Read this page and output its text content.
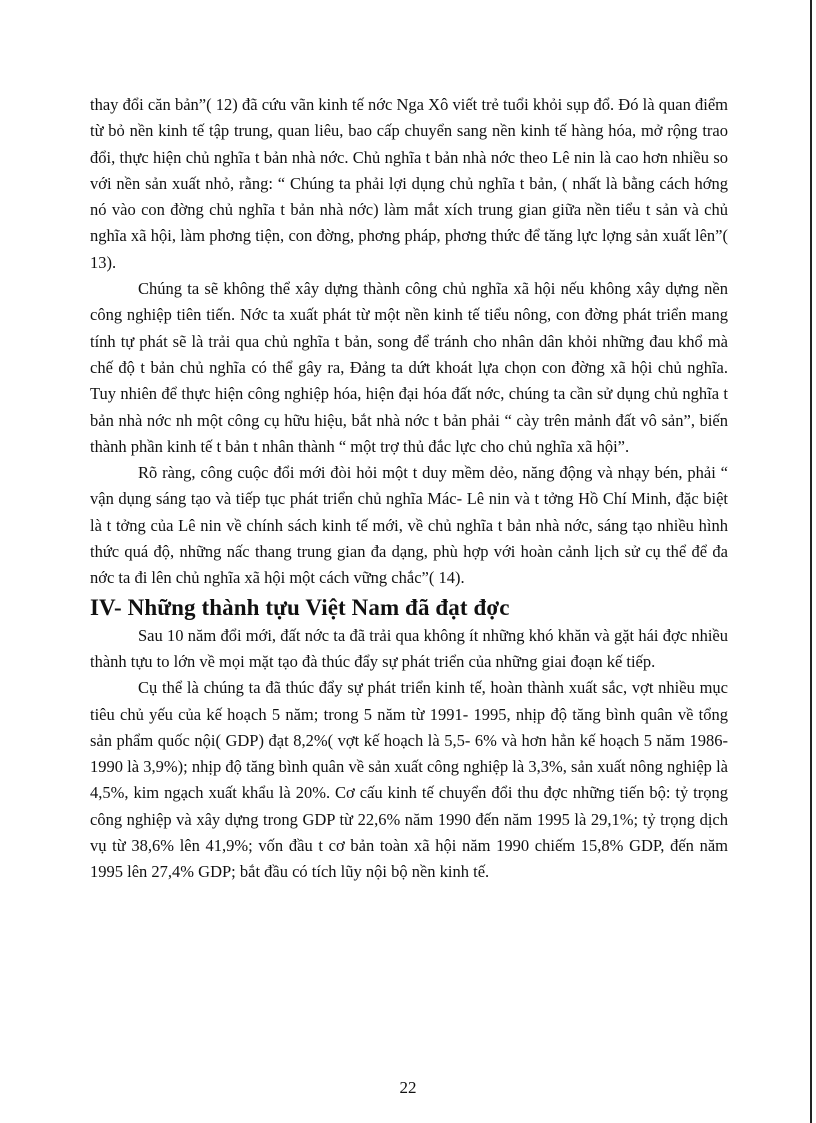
thay đổi căn bản”( 12) đã cứu vãn kinh tế nớc Nga Xô viết trẻ tuổi khỏi sụp đổ. Đó là quan điểm từ bỏ nền kinh tế tập trung, quan liêu, bao cấp chuyển sang nền kinh tế hàng hóa, mở rộng trao đổi, thực hiện chủ nghĩa t bản nhà nớc. Chủ nghĩa t bản nhà nớc theo Lê nin là cao hơn nhiều so với nền sản xuất nhỏ, rằng: “ Chúng ta phải lợi dụng chủ nghĩa t bản, ( nhất là bằng cách hớng nó vào con đờng chủ nghĩa t bản nhà nớc) làm mắt xích trung gian giữa nền tiểu t sản và chủ nghĩa xã hội, làm phơng tiện, con đờng, phơng pháp, phơng thức để tăng lực lợng sản xuất lên”( 13).

Chúng ta sẽ không thể xây dựng thành công chủ nghĩa xã hội nếu không xây dựng nền công nghiệp tiên tiến. Nớc ta xuất phát từ một nền kinh tế tiểu nông, con đờng phát triển mang tính tự phát sẽ là trải qua chủ nghĩa t bản, song để tránh cho nhân dân khỏi những đau khổ mà chế độ t bản chủ nghĩa có thể gây ra, Đảng ta dứt khoát lựa chọn con đờng xã hội chủ nghĩa. Tuy nhiên để thực hiện công nghiệp hóa, hiện đại hóa đất nớc, chúng ta cần sử dụng chủ nghĩa t bản nhà nớc nh một công cụ hữu hiệu, bắt nhà nớc t bản phải “ cày trên mảnh đất vô sản”, biến thành phần kinh tế t bản t nhân thành “ một trợ thủ đắc lực cho chủ nghĩa xã hội”.

Rõ ràng, công cuộc đổi mới đòi hỏi một t duy mềm dẻo, năng động và nhạy bén, phải “ vận dụng sáng tạo và tiếp tục phát triển chủ nghĩa Mác- Lê nin và t tởng Hồ Chí Minh, đặc biệt là t tởng của Lê nin về chính sách kinh tế mới, về chủ nghĩa t bản nhà nớc, sáng tạo nhiều hình thức quá độ, những nấc thang trung gian đa dạng, phù hợp với hoàn cảnh lịch sử cụ thể để đa nớc ta đi lên chủ nghĩa xã hội một cách vững chắc”( 14).

IV- Những thành tựu Việt Nam đã đạt đợc

Sau 10 năm đổi mới, đất nớc ta đã trải qua không ít những khó khăn và gặt hái đợc nhiều thành tựu to lớn về mọi mặt tạo đà thúc đẩy sự phát triển của những giai đoạn kế tiếp.

Cụ thể là chúng ta đã thúc đẩy sự phát triển kinh tế, hoàn thành xuất sắc, vợt nhiều mục tiêu chủ yếu của kế hoạch 5 năm; trong 5 năm từ 1991- 1995, nhịp độ tăng bình quân về tổng sản phẩm quốc nội( GDP) đạt 8,2%( vợt kế hoạch là 5,5- 6% và hơn hẳn kế hoạch 5 năm 1986- 1990 là 3,9%); nhịp độ tăng bình quân về sản xuất công nghiệp là 3,3%, sản xuất nông nghiệp là 4,5%, kim ngạch xuất khẩu là 20%. Cơ cấu kinh tế chuyển đổi thu đợc những tiến bộ: tỷ trọng công nghiệp và xây dựng trong GDP từ 22,6% năm 1990 đến năm 1995 là 29,1%; tỷ trọng dịch vụ từ 38,6% lên 41,9%; vốn đầu t cơ bản toàn xã hội năm 1990 chiếm 15,8% GDP, đến năm 1995 lên 27,4% GDP; bắt đầu có tích lũy nội bộ nền kinh tế.

22
